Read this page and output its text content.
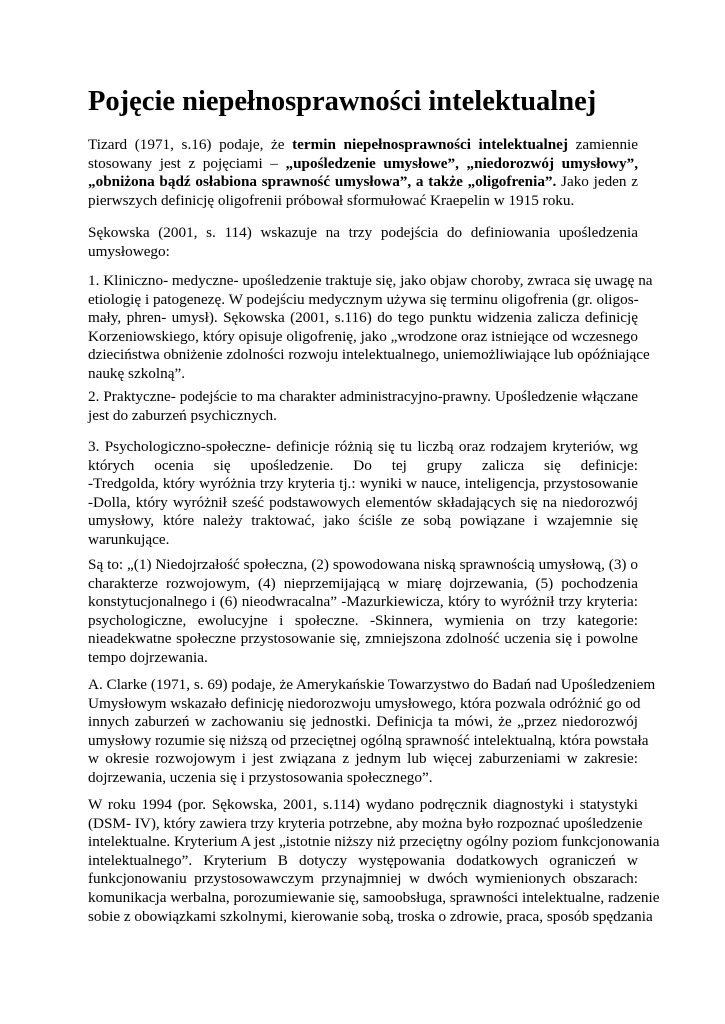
Pojęcie niepełnosprawności intelektualnej
Tizard (1971, s.16) podaje, że termin niepełnosprawności intelektualnej zamiennie
stosowany jest z pojęciami – „upośledzenie umysłowe”, „niedorozwój umysłowy”,
„obniżona bądź osłabiona sprawność umysłowa”, a także „oligofrenia”. Jako jeden z
pierwszych definicję oligofrenii próbował sformułować Kraepelin w 1915 roku.
Sękowska (2001, s. 114) wskazuje na trzy podejścia do definiowania upośledzenia
umysłowego:
1. Kliniczno- medyczne- upośledzenie traktuje się, jako objaw choroby, zwraca się uwagę na
etiologię i patogenezę. W podejściu medycznym używa się terminu oligofrenia (gr. oligos-
mały, phren- umysł). Sękowska (2001, s.116) do tego punktu widzenia zalicza definicję
Korzeniowskiego, który opisuje oligofrenię, jako „wrodzone oraz istniejące od wczesnego
dzieciństwa obniżenie zdolności rozwoju intelektualnego, uniemożliwiające lub opóźniające
naukę szkolną”.
2. Praktyczne- podejście to ma charakter administracyjno-prawny. Upośledzenie włączane
jest do zaburzeń psychicznych.
3. Psychologiczno-społeczne- definicje różnią się tu liczbą oraz rodzajem kryteriów, wg
których ocenia się upośledzenie. Do tej grupy zalicza się definicje:
-Tredgolda, który wyróżnia trzy kryteria tj.: wyniki w nauce, inteligencja, przystosowanie
-Dolla, który wyróżnił sześć podstawowych elementów składających się na niedorozwój
umysłowy, które należy traktować, jako ściśle ze sobą powiązane i wzajemnie się
warunkujące.
Są to: „(1) Niedojrzałość społeczna, (2) spowodowana niską sprawnością umysłową, (3) o
charakterze rozwojowym, (4) nieprzemijającą w miarę dojrzewania, (5) pochodzenia
konstytucjonalnego i (6) nieodwracalna” -Mazurkiewicza, który to wyróżnił trzy kryteria:
psychologiczne, ewolucyjne i społeczne. -Skinnera, wymienia on trzy kategorie:
nieadekwatne społeczne przystosowanie się, zmniejszona zdolność uczenia się i powolne
tempo dojrzewania.
A. Clarke (1971, s. 69) podaje, że Amerykańskie Towarzystwo do Badań nad Upośledzeniem
Umysłowym wskazało definicję niedorozwoju umysłowego, która pozwala odróżnić go od
innych zaburzeń w zachowaniu się jednostki. Definicja ta mówi, że „przez niedorozwój
umysłowy rozumie się niższą od przeciętnej ogólną sprawność intelektualną, która powstała
w okresie rozwojowym i jest związana z jednym lub więcej zaburzeniami w zakresie:
dojrzewania, uczenia się i przystosowania społecznego”.
W roku 1994 (por. Sękowska, 2001, s.114) wydano podręcznik diagnostyki i statystyki
(DSM- IV), który zawiera trzy kryteria potrzebne, aby można było rozpoznać upośledzenie
intelektualne. Kryterium A jest „istotnie niższy niż przeciętny ogólny poziom funkcjonowania
intelektualnego”. Kryterium B dotyczy występowania dodatkowych ograniczeń w
funkcjonowaniu przystosowawczym przynajmniej w dwóch wymienionych obszarach:
komunikacja werbalna, porozumiewanie się, samoobsługa, sprawności intelektualne, radzenie
sobie z obowiązkami szkolnymi, kierowanie sobą, troska o zdrowie, praca, sposób spędzania
